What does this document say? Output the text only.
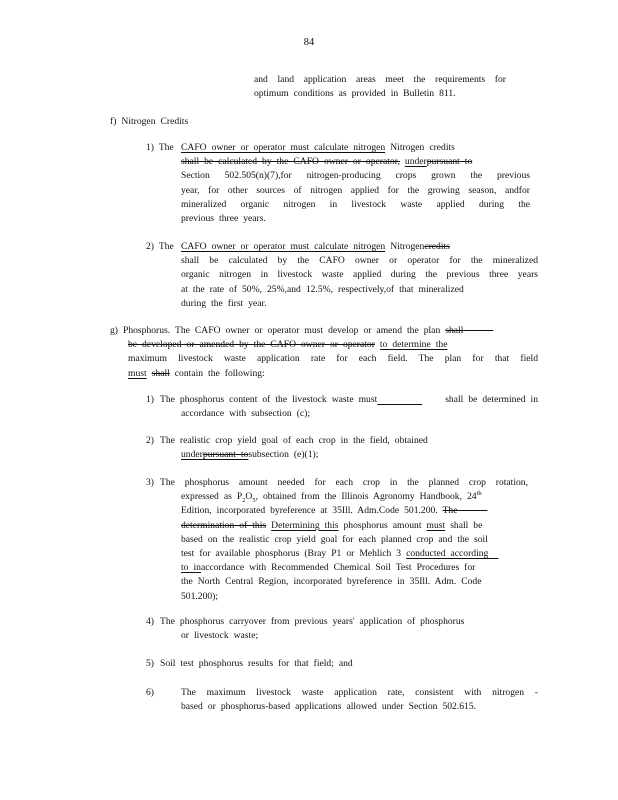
84
and land application areas meet the requirements for
optimum conditions as provided in Bulletin 811.
f) Nitrogen Credits
1) The CAFO owner or operator must calculate nitrogen Nitrogen credits
shall be calculated by the CAFO owner or operator, underpursuant to
Section 502.505(n)(7),for nitrogen-producing crops grown the previous
year, for other sources of nitrogen applied for the growing season, andfor
mineralized organic nitrogen in livestock waste applied during the
previous three years.
2) The CAFO owner or operator must calculate nitrogen Nitrogencredits
shall be calculated by the CAFO owner or operator for the mineralized
organic nitrogen in livestock waste applied during the previous three years
at the rate of 50%, 25%,and 12.5%, respectively,of that mineralized
during the first year.
g) Phosphorus. The CAFO owner or operator must develop or amend the plan shall
be developed or amended by the CAFO owner or operator to determine the
maximum livestock waste application rate for each field. The plan for that field
must shall contain the following:
1) The phosphorus content of the livestock waste must	shall be determined in
accordance with subsection (c);
2) The realistic crop yield goal of each crop in the field, obtained
underpursuant tosubsection (e)(1);
3) The phosphorus amount needed for each crop in the planned crop rotation,
expressed as $P_2O_5$, obtained from the Illinois Agronomy Handbook, 24th
Edition, incorporated byreference at 35Ill. Adm.Code 501.200. The
determination of this Determining this phosphorus amount must shall be
based on the realistic crop yield goal for each planned crop and the soil
test for available phosphorus (Bray P1 or Mehlich 3 conducted according
to inaccordance with Recommended Chemical Soil Test Procedures for
the North Central Region, incorporated byreference in 35Ill. Adm. Code
501.200);
4) The phosphorus carryover from previous years' application of phosphorus
or livestock waste;
5) Soil test phosphorus results for that field; and
6)	The maximum livestock waste application rate, consistent with nitrogen -
based or phosphorus-based applications allowed under Section 502.615.
